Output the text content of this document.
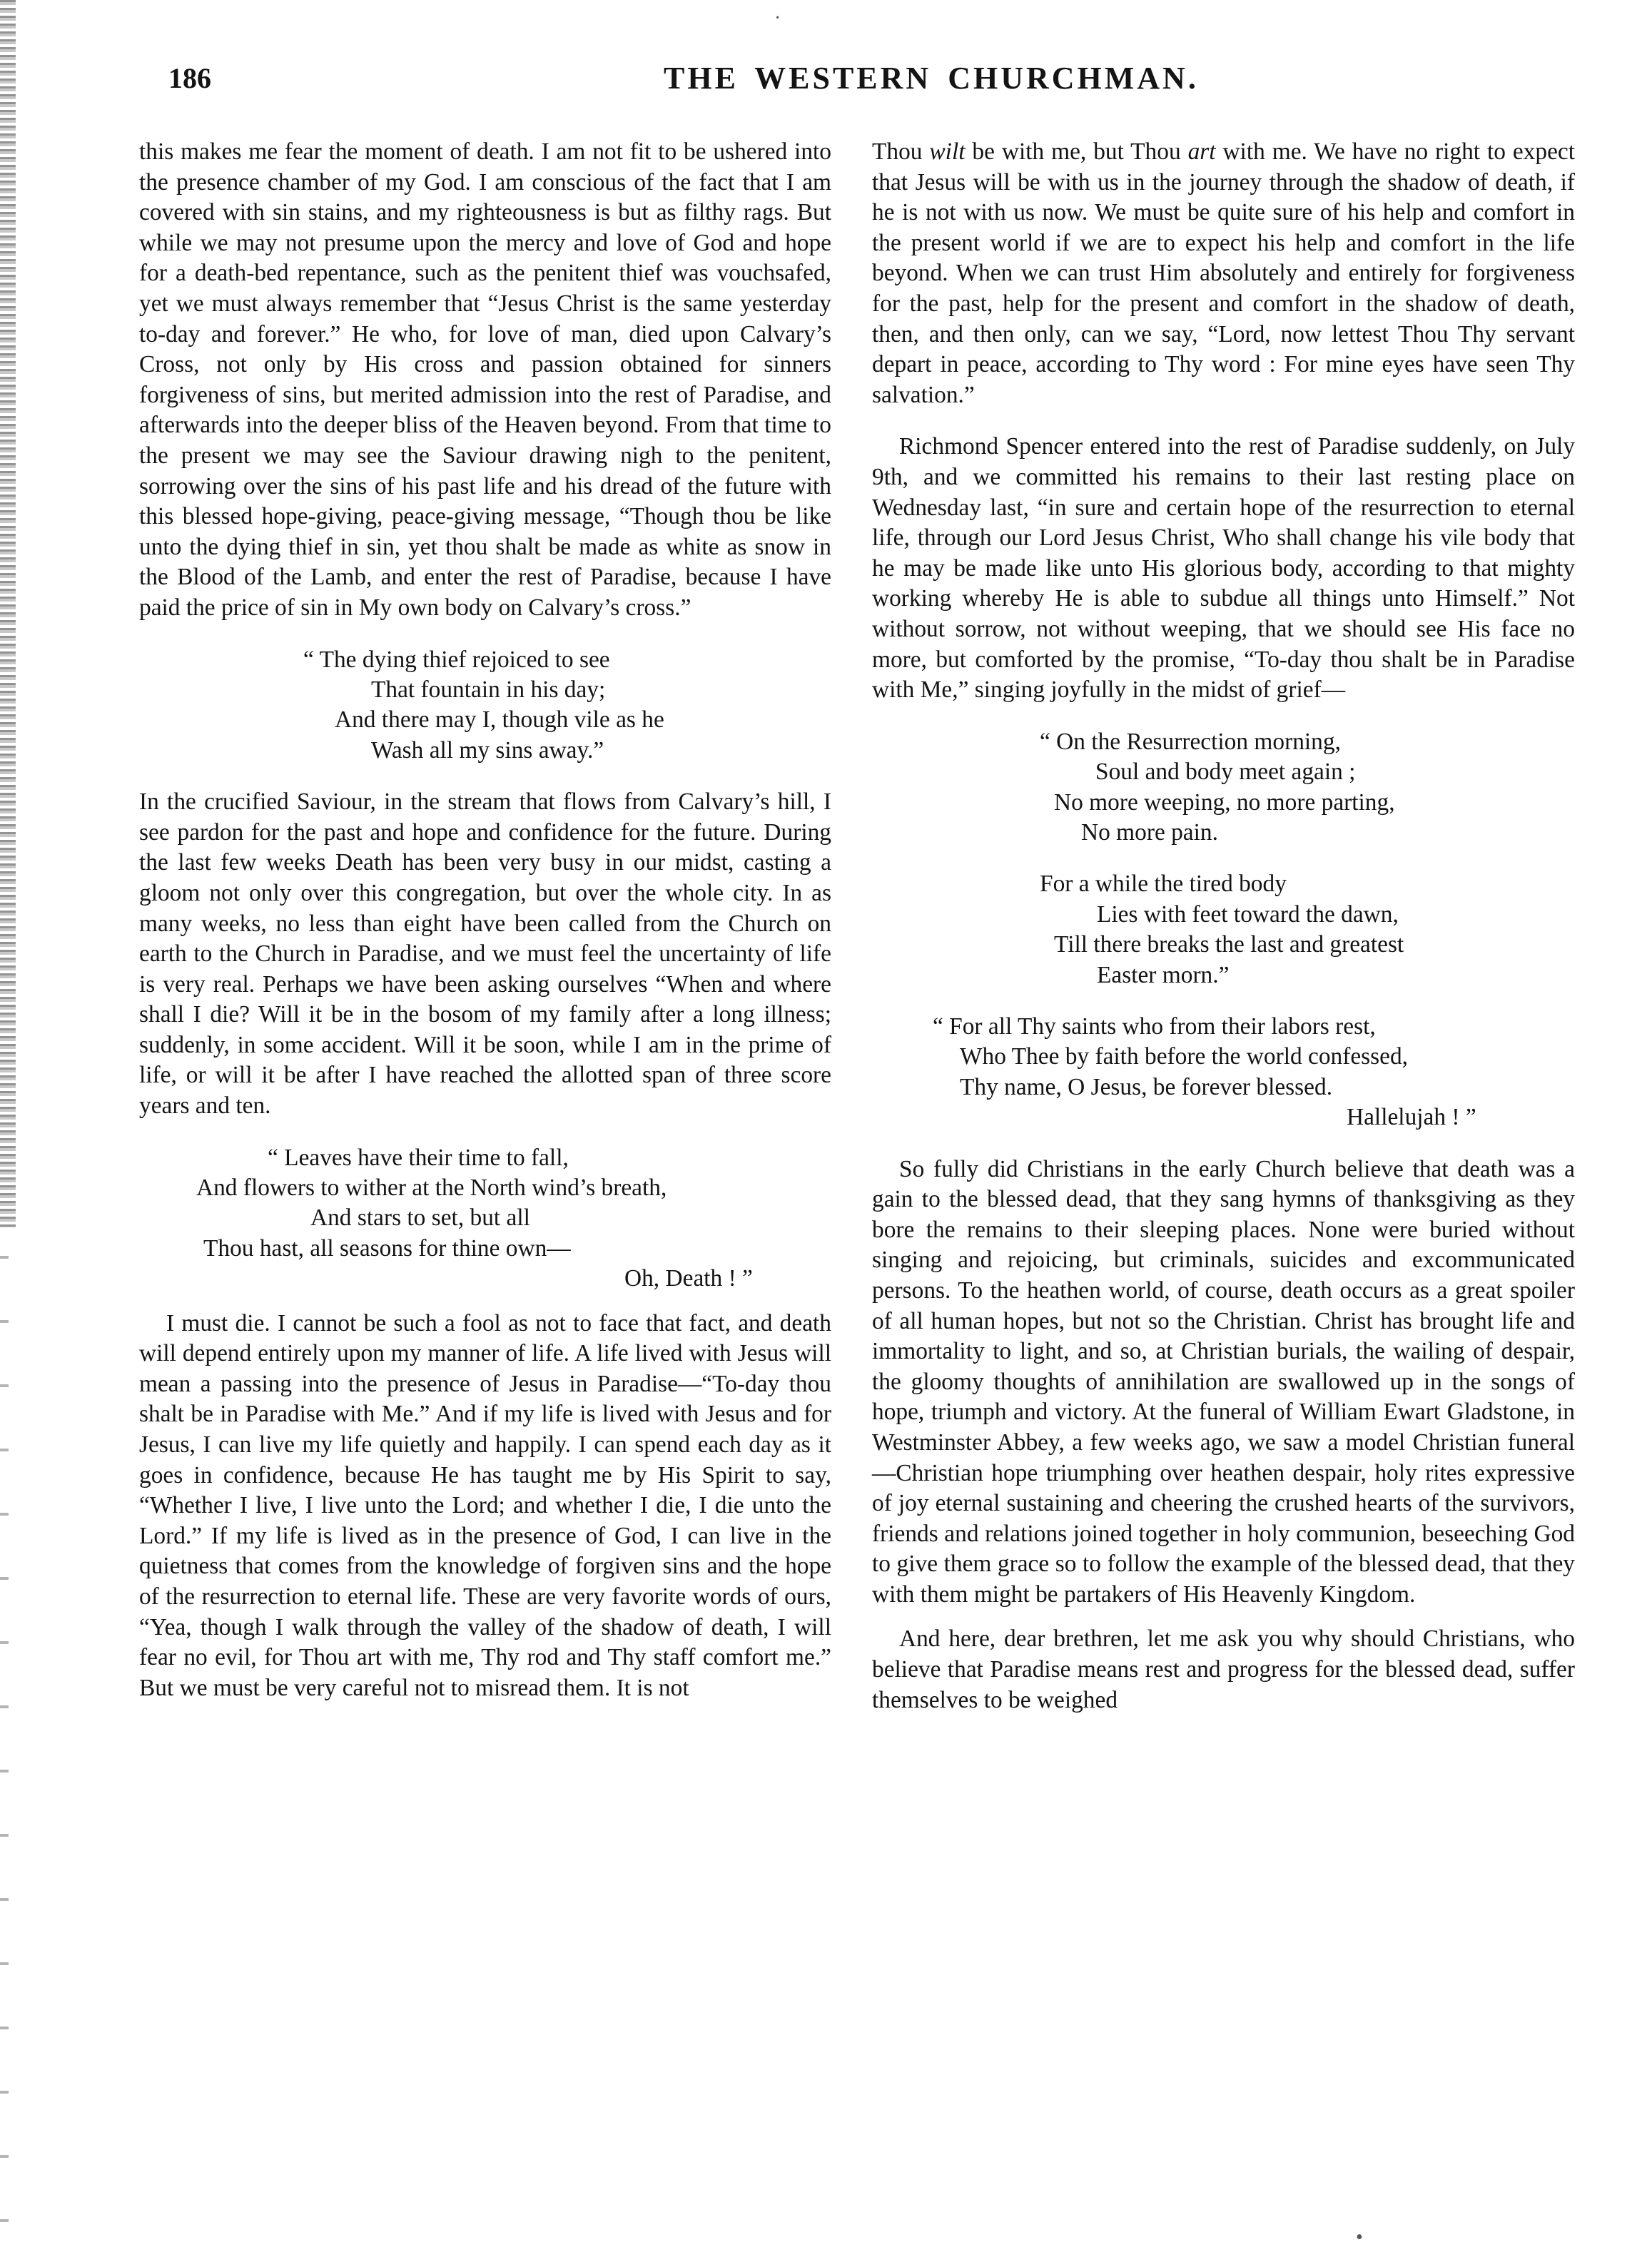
·
•
186	THE WESTERN CHURCHMAN.

this makes me fear the moment of death. I am not fit to be ushered into the presence chamber of my God. I am conscious of the fact that I am covered with sin stains, and my righteousness is but as filthy rags. But while we may not presume upon the mercy and love of God and hope for a death-bed repentance, such as the penitent thief was vouchsafed, yet we must always remember that “Jesus Christ is the same yesterday to-day and forever.” He who, for love of man, died upon Calvary’s Cross, not only by His cross and passion obtained for sinners forgiveness of sins, but merited admission into the rest of Paradise, and afterwards into the deeper bliss of the Heaven beyond. From that time to the present we may see the Saviour drawing nigh to the penitent, sorrowing over the sins of his past life and his dread of the future with this blessed hope-giving, peace-giving message, “Though thou be like unto the dying thief in sin, yet thou shalt be made as white as snow in the Blood of the Lamb, and enter the rest of Paradise, because I have paid the price of sin in My own body on Calvary’s cross.”

“ The dying thief rejoiced to see
That fountain in his day;
And there may I, though vile as he
Wash all my sins away.”

In the crucified Saviour, in the stream that flows from Calvary’s hill, I see pardon for the past and hope and confidence for the future. During the last few weeks Death has been very busy in our midst, casting a gloom not only over this congregation, but over the whole city. In as many weeks, no less than eight have been called from the Church on earth to the Church in Paradise, and we must feel the uncertainty of life is very real. Perhaps we have been asking ourselves “When and where shall I die? Will it be in the bosom of my family after a long illness; suddenly, in some accident. Will it be soon, while I am in the prime of life, or will it be after I have reached the allotted span of three score years and ten.

“ Leaves have their time to fall,
And flowers to wither at the North wind’s breath,
And stars to set, but all
Thou hast, all seasons for thine own—
Oh, Death ! ”

I must die. I cannot be such a fool as not to face that fact, and death will depend entirely upon my manner of life. A life lived with Jesus will mean a passing into the presence of Jesus in Paradise—“To-day thou shalt be in Paradise with Me.” And if my life is lived with Jesus and for Jesus, I can live my life quietly and happily. I can spend each day as it goes in confidence, because He has taught me by His Spirit to say, “Whether I live, I live unto the Lord; and whether I die, I die unto the Lord.” If my life is lived as in the presence of God, I can live in the quietness that comes from the knowledge of forgiven sins and the hope of the resurrection to eternal life. These are very favorite words of ours, “Yea, though I walk through the valley of the shadow of death, I will fear no evil, for Thou art with me, Thy rod and Thy staff comfort me.” But we must be very careful not to misread them. It is not

Thou wilt be with me, but Thou art with me. We have no right to expect that Jesus will be with us in the journey through the shadow of death, if he is not with us now. We must be quite sure of his help and comfort in the present world if we are to expect his help and comfort in the life beyond. When we can trust Him absolutely and entirely for forgiveness for the past, help for the present and comfort in the shadow of death, then, and then only, can we say, “Lord, now lettest Thou Thy servant depart in peace, according to Thy word : For mine eyes have seen Thy salvation.”

Richmond Spencer entered into the rest of Paradise suddenly, on July 9th, and we committed his remains to their last resting place on Wednesday last, “in sure and certain hope of the resurrection to eternal life, through our Lord Jesus Christ, Who shall change his vile body that he may be made like unto His glorious body, according to that mighty working whereby He is able to subdue all things unto Himself.” Not without sorrow, not without weeping, that we should see His face no more, but comforted by the promise, “To-day thou shalt be in Paradise with Me,” singing joyfully in the midst of grief—

“ On the Resurrection morning,
Soul and body meet again ;
No more weeping, no more parting,
No more pain.
For a while the tired body
Lies with feet toward the dawn,
Till there breaks the last and greatest
Easter morn.”
“ For all Thy saints who from their labors rest,
Who Thee by faith before the world confessed,
Thy name, O Jesus, be forever blessed.
Hallelujah ! ”

So fully did Christians in the early Church believe that death was a gain to the blessed dead, that they sang hymns of thanksgiving as they bore the remains to their sleeping places. None were buried without singing and rejoicing, but criminals, suicides and excommunicated persons. To the heathen world, of course, death occurs as a great spoiler of all human hopes, but not so the Christian. Christ has brought life and immortality to light, and so, at Christian burials, the wailing of despair, the gloomy thoughts of annihilation are swallowed up in the songs of hope, triumph and victory. At the funeral of William Ewart Gladstone, in Westminster Abbey, a few weeks ago, we saw a model Christian funeral—Christian hope triumphing over heathen despair, holy rites expressive of joy eternal sustaining and cheering the crushed hearts of the survivors, friends and relations joined together in holy communion, beseeching God to give them grace so to follow the example of the blessed dead, that they with them might be partakers of His Heavenly Kingdom.

And here, dear brethren, let me ask you why should Christians, who believe that Paradise means rest and progress for the blessed dead, suffer themselves to be weighed
